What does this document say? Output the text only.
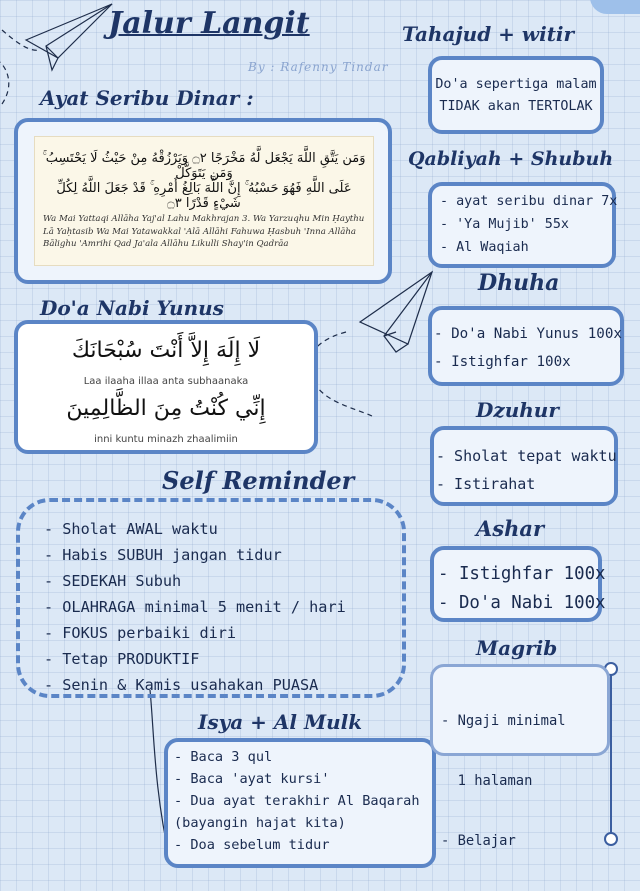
Jalur Langit
By : Rafenny Tindar
Ayat Seribu Dinar :
وَمَن يَتَّقِ اللَّهَ يَجْعَل لَّهُ مَخْرَجًا ۝٢ وَيَرْزُقْهُ مِنْ حَيْثُ لَا يَحْتَسِبُ ۚ وَمَن يَتَوَكَّلْ
عَلَى اللَّهِ فَهُوَ حَسْبُهُ ۚ إِنَّ اللَّهَ بَالِغُ أَمْرِهِ ۚ قَدْ جَعَلَ اللَّهُ لِكُلِّ شَيْءٍ قَدْرًا ۝٣
Wa Mai Yattaqi Allāha Yaj'al Lahu Makhrajan 3. Wa Yarzuqhu Min Ḥaythu Lā Yaḥtasib Wa Mai Yatawakkal 'Alā Allāhi Fahuwa Ḥasbuh 'Inna Allāha Bālighu 'Amrihi Qad Ja'ala Allāhu Likulli Shay'in Qadrāa
Do'a Nabi Yunus
لَا إِلَهَ إِلاَّ أَنْتَ سُبْحَانَكَ
Laa ilaaha illaa anta subhaanaka
إِنِّي كُنْتُ مِنَ الظَّالِمِينَ
inni kuntu minazh zhaalimiin
Self Reminder
- Sholat AWAL waktu
- Habis SUBUH jangan tidur
- SEDEKAH Subuh
- OLAHRAGA minimal 5 menit / hari
- FOKUS perbaiki diri
- Tetap PRODUKTIF
- Senin & Kamis usahakan PUASA
Isya + Al Mulk
- Baca 3 qul
- Baca 'ayat kursi'
- Dua ayat terakhir Al Baqarah
(bayangin hajat kita)
- Doa sebelum tidur
Tahajud + witir
Do'a sepertiga malam
TIDAK akan TERTOLAK
Qabliyah + Shubuh
- ayat seribu dinar 7x
- 'Ya Mujib' 55x
- Al Waqiah
Dhuha
- Do'a Nabi Yunus 100x
- Istighfar 100x
Dzuhur
- Sholat tepat waktu
- Istirahat
Ashar
- Istighfar 100x
- Do'a Nabi 100x
Magrib

- Ngaji minimal

1 halaman

- Belajar
